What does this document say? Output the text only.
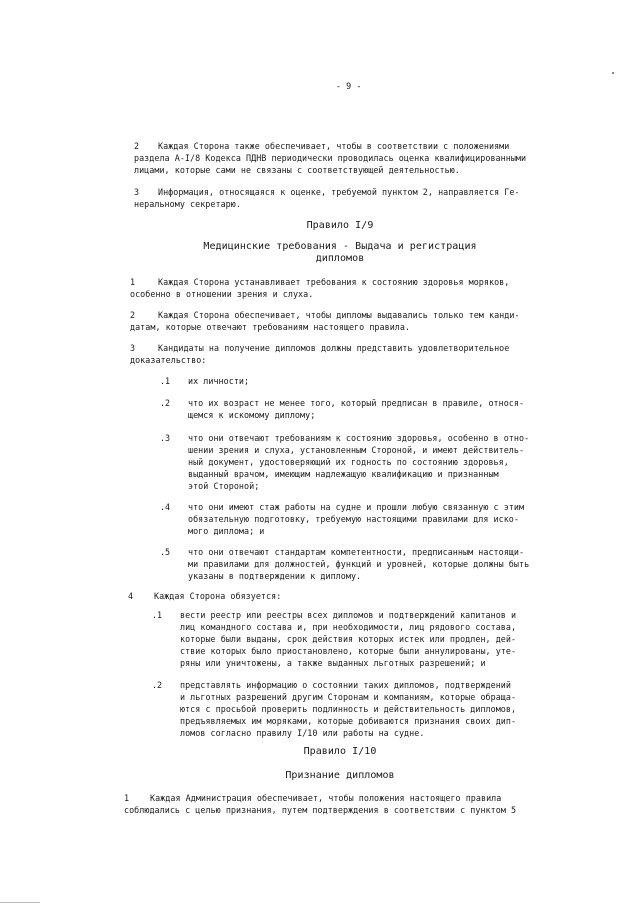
- 9 -
2 Каждая Сторона также обеспечивает, чтобы в соответствии с положениями
раздела А-I/8 Кодекса ПДНВ периодически проводилась оценка квалифицированными
лицами, которые сами не связаны с соответствующей деятельностью.
3 Информация, относящаяся к оценке, требуемой пунктом 2, направляется Ге-
неральному секретарю.
Правило I/9
Медицинские требования - Выдача и регистрация
дипломов
1	Каждая Сторона устанавливает требования к состоянию здоровья моряков,
особенно в отношении зрения и слуха.
2	Каждая Сторона обеспечивает, чтобы дипломы выдавались только тем канди-
датам, которые отвечают требованиям настоящего правила.
3	Кандидаты на получение дипломов должны представить удовлетворительное
доказательство:
.1 их личности;
.2 что их возраст не менее того, который предписан в правиле, относя-
щемся к искомому диплому;
.3 что они отвечают требованиям к состоянию здоровья, особенно в отно-
шении зрения и слуха, установленным Стороной, и имеют действитель-
ный документ, удостоверяющий их годность по состоянию здоровья,
выданный врачом, имеющим надлежащую квалификацию и признанным
этой Стороной;
.4 что они имеют стаж работы на судне и прошли любую связанную с этим
обязательную подготовку, требуемую настоящими правилами для иско-
мого диплома; и
.5 что они отвечают стандартам компетентности, предписанным настоящи-
ми правилами для должностей, функций и уровней, которые должны быть
указаны в подтверждении к диплому.
4 Каждая Сторона обязуется:
.1 вести реестр или реестры всех дипломов и подтверждений капитанов и
лиц командного состава и, при необходимости, лиц рядового состава,
которые были выданы, срок действия которых истек или продлен, дей-
ствие которых было приостановлено, которые были аннулированы, уте-
ряны или уничтожены, а также выданных льготных разрешений; и
.2 представлять информацию о состоянии таких дипломов, подтверждений
и льготных разрешений другим Сторонам и компаниям, которые обраща-
ются с просьбой проверить подлинность и действительность дипломов,
предъявляемых им моряками, которые добиваются признания своих дип-
ломов согласно правилу I/10 или работы на судне.
Правило I/10
Признание дипломов
1 Каждая Администрация обеспечивает, чтобы положения настоящего правила
соблюдались с целью признания, путем подтверждения в соответствии с пунктом 5
